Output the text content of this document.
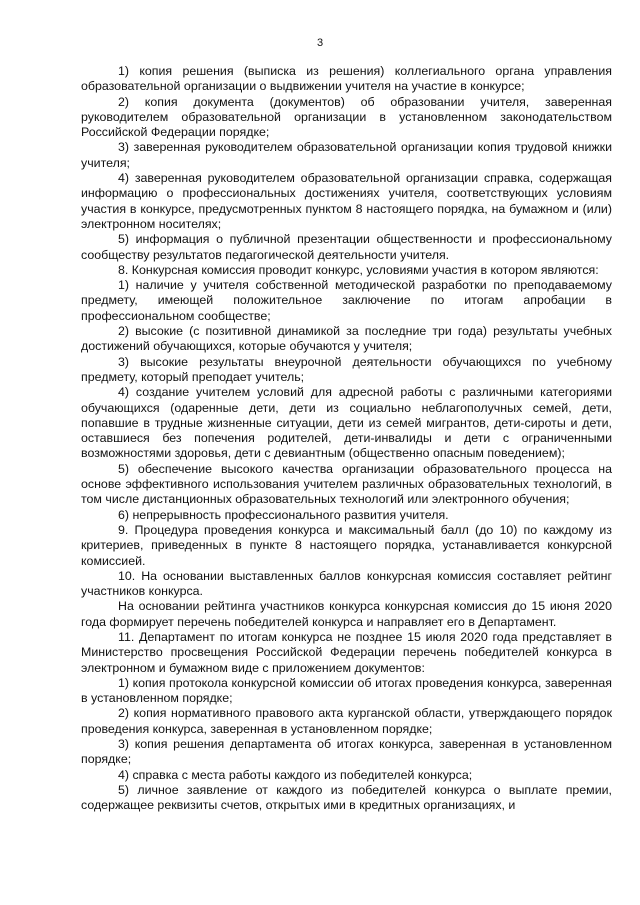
3

1) копия решения (выписка из решения) коллегиального органа управления образовательной организации о выдвижении учителя на участие в конкурсе;

2) копия документа (документов) об образовании учителя, заверенная руководителем образовательной организации в установленном законодательством Российской Федерации порядке;

3) заверенная руководителем образовательной организации копия трудовой книжки учителя;

4) заверенная руководителем образовательной организации справка, содержащая информацию о профессиональных достижениях учителя, соответствующих условиям участия в конкурсе, предусмотренных пунктом 8 настоящего порядка, на бумажном и (или) электронном носителях;

5) информация о публичной презентации общественности и профессиональному сообществу результатов педагогической деятельности учителя.

8. Конкурсная комиссия проводит конкурс, условиями участия в котором являются:

1) наличие у учителя собственной методической разработки по преподаваемому предмету, имеющей положительное заключение по итогам апробации в профессиональном сообществе;

2) высокие (с позитивной динамикой за последние три года) результаты учебных достижений обучающихся, которые обучаются у учителя;

3) высокие результаты внеурочной деятельности обучающихся по учебному предмету, который преподает учитель;

4) создание учителем условий для адресной работы с различными категориями обучающихся (одаренные дети, дети из социально неблагополучных семей, дети, попавшие в трудные жизненные ситуации, дети из семей мигрантов, дети-сироты и дети, оставшиеся без попечения родителей, дети-инвалиды и дети с ограниченными возможностями здоровья, дети с девиантным (общественно опасным поведением);

5) обеспечение высокого качества организации образовательного процесса на основе эффективного использования учителем различных образовательных технологий, в том числе дистанционных образовательных технологий или электронного обучения;

6) непрерывность профессионального развития учителя.

9. Процедура проведения конкурса и максимальный балл (до 10) по каждому из критериев, приведенных в пункте 8 настоящего порядка, устанавливается конкурсной комиссией.

10. На основании выставленных баллов конкурсная комиссия составляет рейтинг участников конкурса.

На основании рейтинга участников конкурса конкурсная комиссия до 15 июня 2020 года формирует перечень победителей конкурса и направляет его в Департамент.

11. Департамент по итогам конкурса не позднее 15 июля 2020 года представляет в Министерство просвещения Российской Федерации перечень победителей конкурса в электронном и бумажном виде с приложением документов:

1) копия протокола конкурсной комиссии об итогах проведения конкурса, заверенная в установленном порядке;

2) копия нормативного правового акта курганской области, утверждающего порядок проведения конкурса, заверенная в установленном порядке;

3) копия решения департамента об итогах конкурса, заверенная в установленном порядке;

4) справка с места работы каждого из победителей конкурса;

5) личное заявление от каждого из победителей конкурса о выплате премии, содержащее реквизиты счетов, открытых ими в кредитных организациях, и
